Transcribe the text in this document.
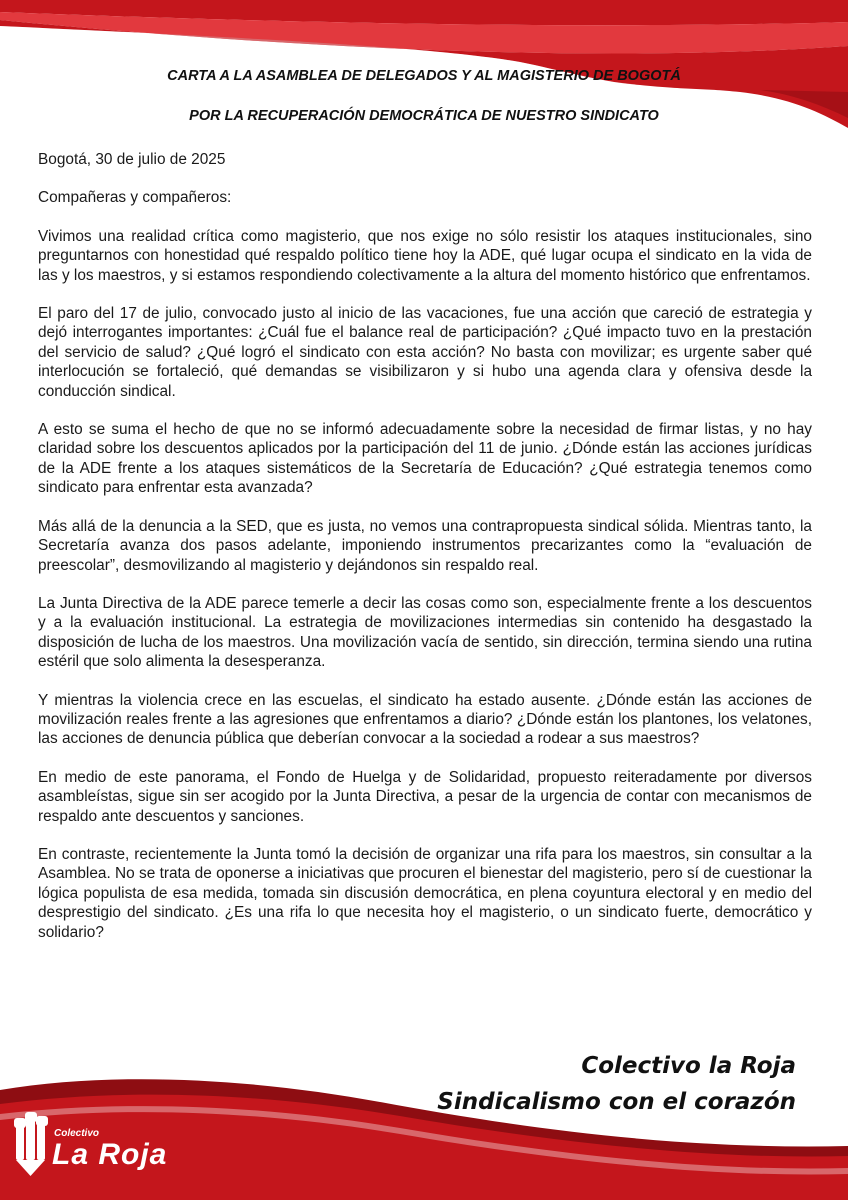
CARTA A LA ASAMBLEA DE DELEGADOS Y AL MAGISTERIO DE BOGOTÁ
POR LA RECUPERACIÓN DEMOCRÁTICA DE NUESTRO SINDICATO

Bogotá, 30 de julio de 2025

Compañeras y compañeros:

Vivimos una realidad crítica como magisterio, que nos exige no sólo resistir los ataques institucionales, sino preguntarnos con honestidad qué respaldo político tiene hoy la ADE, qué lugar ocupa el sindicato en la vida de las y los maestros, y si estamos respondiendo colectivamente a la altura del momento histórico que enfrentamos.

El paro del 17 de julio, convocado justo al inicio de las vacaciones, fue una acción que careció de estrategia y dejó interrogantes importantes: ¿Cuál fue el balance real de participación? ¿Qué impacto tuvo en la prestación del servicio de salud? ¿Qué logró el sindicato con esta acción? No basta con movilizar; es urgente saber qué interlocución se fortaleció, qué demandas se visibilizaron y si hubo una agenda clara y ofensiva desde la conducción sindical.

A esto se suma el hecho de que no se informó adecuadamente sobre la necesidad de firmar listas, y no hay claridad sobre los descuentos aplicados por la participación del 11 de junio. ¿Dónde están las acciones jurídicas de la ADE frente a los ataques sistemáticos de la Secretaría de Educación? ¿Qué estrategia tenemos como sindicato para enfrentar esta avanzada?

Más allá de la denuncia a la SED, que es justa, no vemos una contrapropuesta sindical sólida. Mientras tanto, la Secretaría avanza dos pasos adelante, imponiendo instrumentos precarizantes como la “evaluación de preescolar”, desmovilizando al magisterio y dejándonos sin respaldo real.

La Junta Directiva de la ADE parece temerle a decir las cosas como son, especialmente frente a los descuentos y a la evaluación institucional. La estrategia de movilizaciones intermedias sin contenido ha desgastado la disposición de lucha de los maestros. Una movilización vacía de sentido, sin dirección, termina siendo una rutina estéril que solo alimenta la desesperanza.

Y mientras la violencia crece en las escuelas, el sindicato ha estado ausente. ¿Dónde están las acciones de movilización reales frente a las agresiones que enfrentamos a diario? ¿Dónde están los plantones, los velatones, las acciones de denuncia pública que deberían convocar a la sociedad a rodear a sus maestros?

En medio de este panorama, el Fondo de Huelga y de Solidaridad, propuesto reiteradamente por diversos asambleístas, sigue sin ser acogido por la Junta Directiva, a pesar de la urgencia de contar con mecanismos de respaldo ante descuentos y sanciones.

En contraste, recientemente la Junta tomó la decisión de organizar una rifa para los maestros, sin consultar a la Asamblea. No se trata de oponerse a iniciativas que procuren el bienestar del magisterio, pero sí de cuestionar la lógica populista de esa medida, tomada sin discusión democrática, en plena coyuntura electoral y en medio del desprestigio del sindicato. ¿Es una rifa lo que necesita hoy el magisterio, o un sindicato fuerte, democrático y solidario?

Colectivo la Roja
Sindicalismo con el corazón
Colectivo
La Roja
